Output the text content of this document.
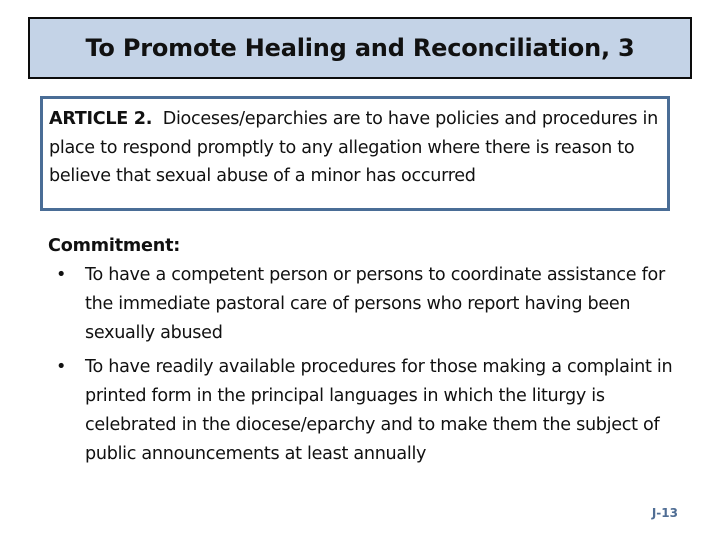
To Promote Healing and Reconciliation, 3
ARTICLE 2. Dioceses/eparchies are to have policies and procedures in place to respond promptly to any allegation where there is reason to believe that sexual abuse of a minor has occurred
Commitment:
• To have a competent person or persons to coordinate assistance for the immediate pastoral care of persons who report having been sexually abused
• To have readily available procedures for those making a complaint in printed form in the principal languages in which the liturgy is celebrated in the diocese/eparchy and to make them the subject of public announcements at least annually
J-13
